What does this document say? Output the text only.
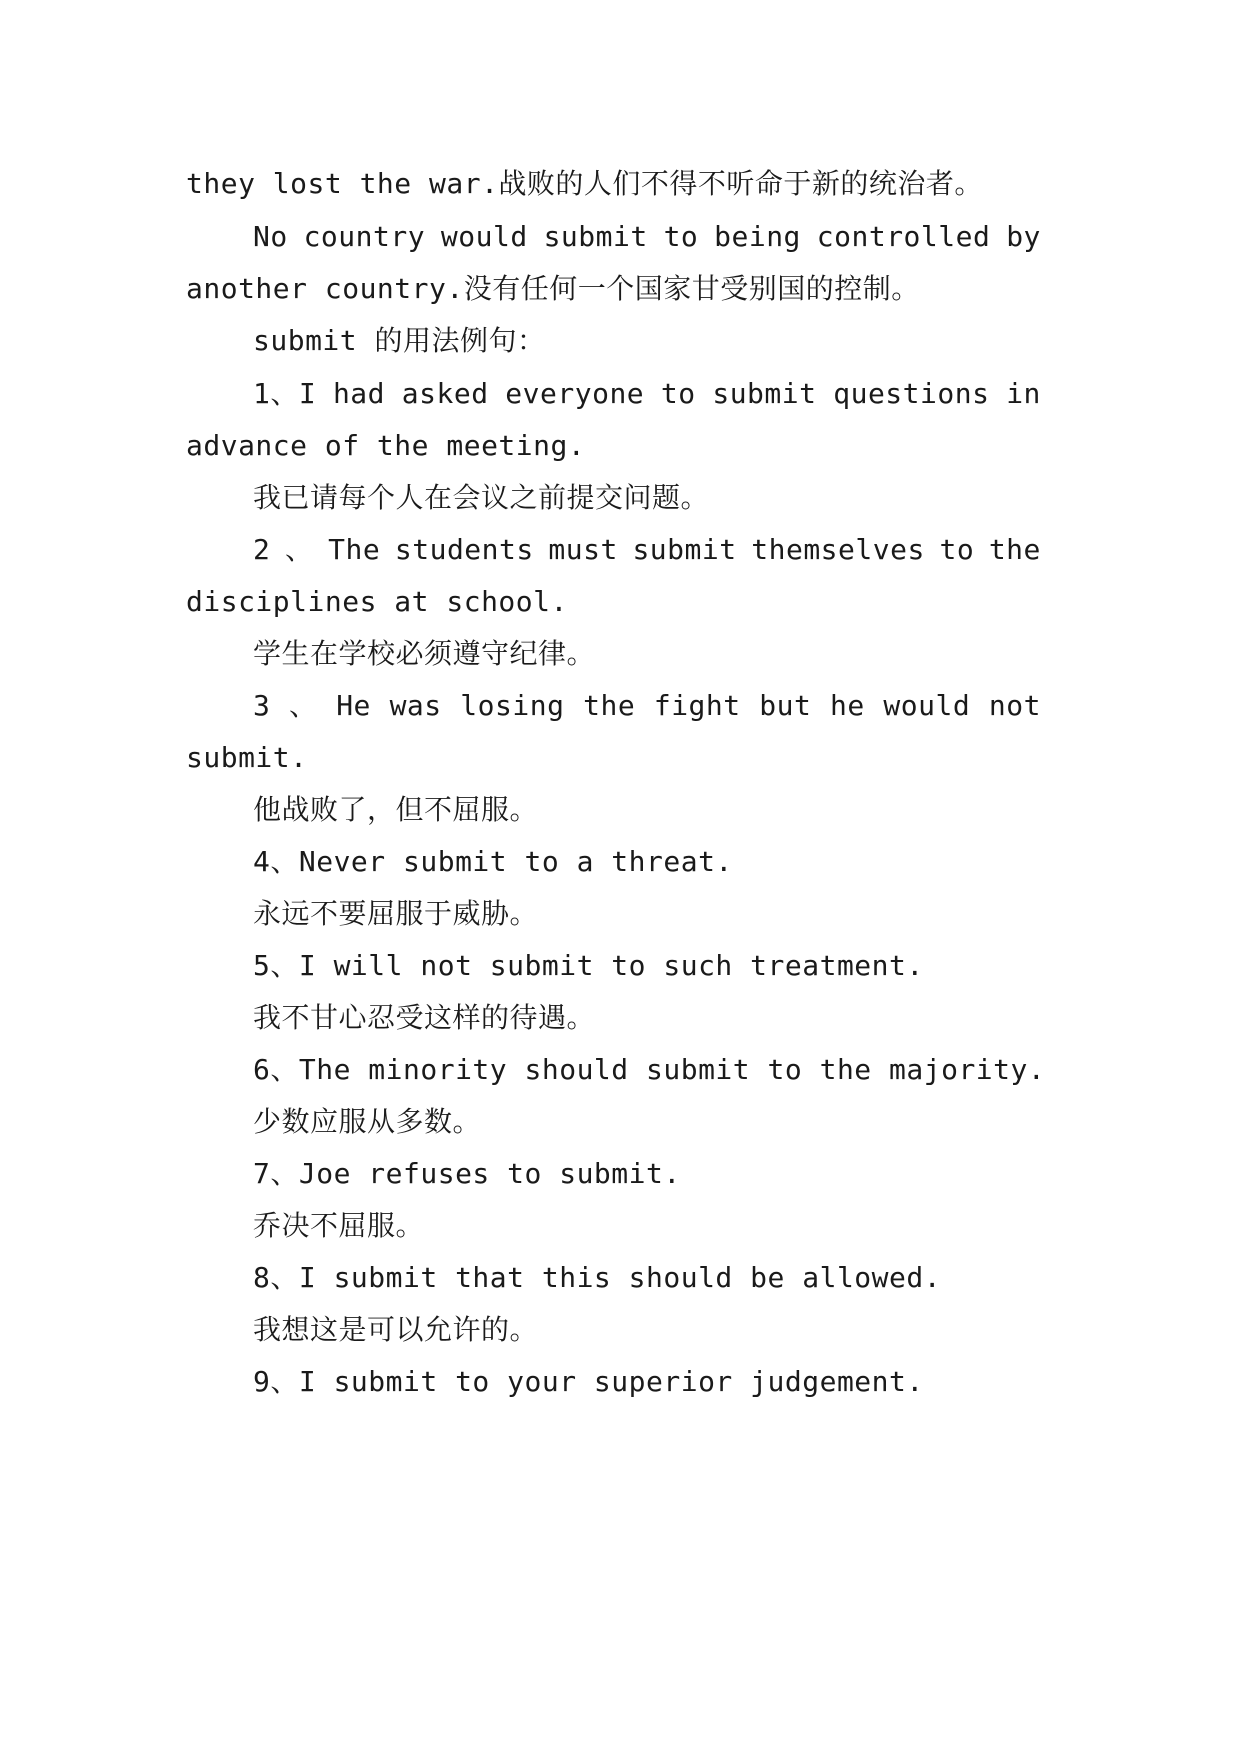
they lost the war.战败的人们不得不听命于新的统治者。
No country would submit to being controlled by
another country.没有任何一个国家甘受别国的控制。
submit 的用法例句：
1、I had asked everyone to submit questions in
advance of the meeting.
我已请每个人在会议之前提交问题。
2 、 The students must submit themselves to the
disciplines at school.
学生在学校必须遵守纪律。
3 、 He was losing the fight but he would not
submit.
他战败了，但不屈服。
4、Never submit to a threat.
永远不要屈服于威胁。
5、I will not submit to such treatment.
我不甘心忍受这样的待遇。
6、The minority should submit to the majority.
少数应服从多数。
7、Joe refuses to submit.
乔决不屈服。
8、I submit that this should be allowed.
我想这是可以允许的。
9、I submit to your superior judgement.
